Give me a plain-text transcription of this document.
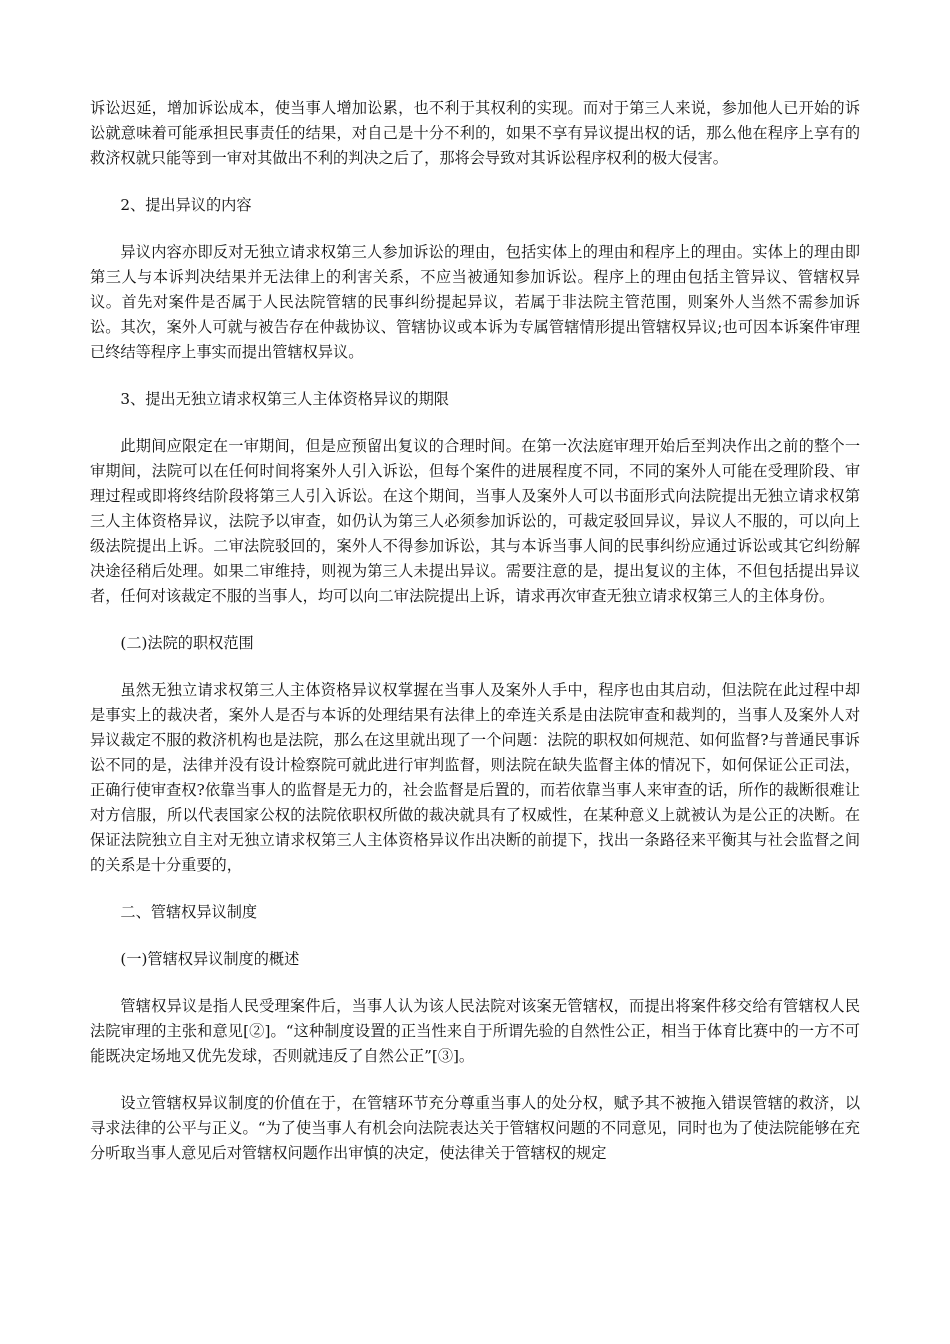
诉讼迟延，增加诉讼成本，使当事人增加讼累，也不利于其权利的实现。而对于第三人来说，参加他人已开始的诉讼就意味着可能承担民事责任的结果，对自己是十分不利的，如果不享有异议提出权的话，那么他在程序上享有的救济权就只能等到一审对其做出不利的判决之后了，那将会导致对其诉讼程序权利的极大侵害。

2、提出异议的内容

异议内容亦即反对无独立请求权第三人参加诉讼的理由，包括实体上的理由和程序上的理由。实体上的理由即第三人与本诉判决结果并无法律上的利害关系，不应当被通知参加诉讼。程序上的理由包括主管异议、管辖权异议。首先对案件是否属于人民法院管辖的民事纠纷提起异议，若属于非法院主管范围，则案外人当然不需参加诉讼。其次，案外人可就与被告存在仲裁协议、管辖协议或本诉为专属管辖情形提出管辖权异议;也可因本诉案件审理已终结等程序上事实而提出管辖权异议。

3、提出无独立请求权第三人主体资格异议的期限

此期间应限定在一审期间，但是应预留出复议的合理时间。在第一次法庭审理开始后至判决作出之前的整个一审期间，法院可以在任何时间将案外人引入诉讼，但每个案件的进展程度不同，不同的案外人可能在受理阶段、审理过程或即将终结阶段将第三人引入诉讼。在这个期间，当事人及案外人可以书面形式向法院提出无独立请求权第三人主体资格异议，法院予以审查，如仍认为第三人必须参加诉讼的，可裁定驳回异议，异议人不服的，可以向上级法院提出上诉。二审法院驳回的，案外人不得参加诉讼，其与本诉当事人间的民事纠纷应通过诉讼或其它纠纷解决途径稍后处理。如果二审维持，则视为第三人未提出异议。需要注意的是，提出复议的主体，不但包括提出异议者，任何对该裁定不服的当事人，均可以向二审法院提出上诉，请求再次审查无独立请求权第三人的主体身份。

(二)法院的职权范围

虽然无独立请求权第三人主体资格异议权掌握在当事人及案外人手中，程序也由其启动，但法院在此过程中却是事实上的裁决者，案外人是否与本诉的处理结果有法律上的牵连关系是由法院审查和裁判的，当事人及案外人对异议裁定不服的救济机构也是法院，那么在这里就出现了一个问题：法院的职权如何规范、如何监督?与普通民事诉讼不同的是，法律并没有设计检察院可就此进行审判监督，则法院在缺失监督主体的情况下，如何保证公正司法，正确行使审查权?依靠当事人的监督是无力的，社会监督是后置的，而若依靠当事人来审查的话，所作的裁断很难让对方信服，所以代表国家公权的法院依职权所做的裁决就具有了权威性，在某种意义上就被认为是公正的决断。在保证法院独立自主对无独立请求权第三人主体资格异议作出决断的前提下，找出一条路径来平衡其与社会监督之间的关系是十分重要的，

二、管辖权异议制度
(一)管辖权异议制度的概述

管辖权异议是指人民受理案件后，当事人认为该人民法院对该案无管辖权，而提出将案件移交给有管辖权人民法院审理的主张和意见[②]。“这种制度设置的正当性来自于所谓先验的自然性公正，相当于体育比赛中的一方不可能既决定场地又优先发球，否则就违反了自然公正”[③]。

设立管辖权异议制度的价值在于，在管辖环节充分尊重当事人的处分权，赋予其不被拖入错误管辖的救济，以寻求法律的公平与正义。“为了使当事人有机会向法院表达关于管辖权问题的不同意见，同时也为了使法院能够在充分听取当事人意见后对管辖权问题作出审慎的决定，使法律关于管辖权的规定
